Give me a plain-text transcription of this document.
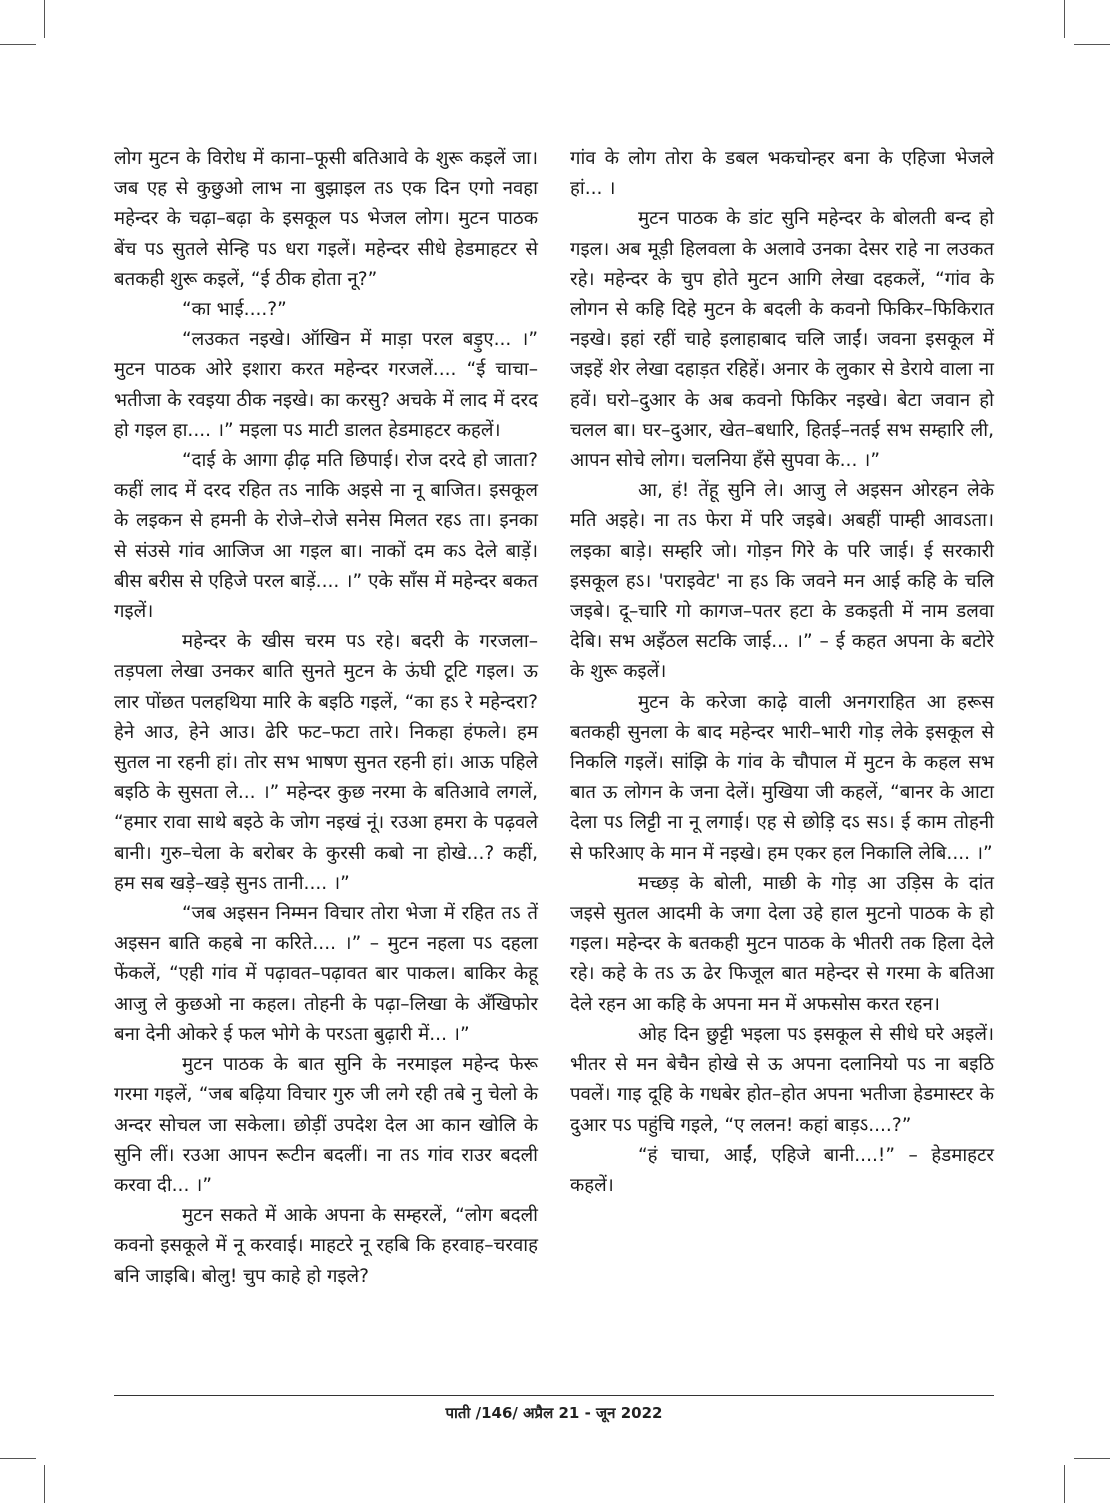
लोग मुटन के विरोध में काना–फूसी बतिआवे के शुरू कइलें जा। जब एह से कुछुओ लाभ ना बुझाइल तऽ एक दिन एगो नवहा महेन्दर के चढ़ा–बढ़ा के इसकूल पऽ भेजल लोग। मुटन पाठक बेंच पऽ सुतले सेन्हि पऽ धरा गइलें। महेन्दर सीधे हेडमाहटर से बतकही शुरू कइलें, “ई ठीक होता नू?”

“का भाई....?”

“लउकत नइखे। ऑखिन में माड़ा परल बड़ुए... ।” मुटन पाठक ओरे इशारा करत महेन्दर गरजलें.... “ई चाचा–भतीजा के रवइया ठीक नइखे। का करसु? अचके में लाद में दरद हो गइल हा.... ।” मइला पऽ माटी डालत हेडमाहटर कहलें।

“दाई के आगा ढ़ीढ़ मति छिपाई। रोज दरदे हो जाता? कहीं लाद में दरद रहित तऽ नाकि अइसे ना नू बाजित। इसकूल के लइकन से हमनी के रोजे–रोजे सनेस मिलत रहऽ ता। इनका से संउसे गांव आजिज आ गइल बा। नाकों दम कऽ देले बाड़ें। बीस बरीस से एहिजे परल बाड़ें.... ।” एके साँस में महेन्दर बकत गइलें।

महेन्दर के खीस चरम पऽ रहे। बदरी के गरजला–तड़पला लेखा उनकर बाति सुनते मुटन के ऊंघी टूटि गइल। ऊ लार पोंछत पलहथिया मारि के बइठि गइलें, “का हऽ रे महेन्दरा? हेने आउ, हेने आउ। ढेरि फट–फटा तारे। निकहा हंफले। हम सुतल ना रहनी हां। तोर सभ भाषण सुनत रहनी हां। आऊ पहिले बइठि के सुसता ले... ।” महेन्दर कुछ नरमा के बतिआवे लगलें, “हमार रावा साथे बइठे के जोग नइखं नूं। रउआ हमरा के पढ़वले बानी। गुरु–चेला के बरोबर के कुरसी कबो ना होखे...? कहीं, हम सब खड़े–खड़े सुनऽ तानी.... ।”

“जब अइसन निम्मन विचार तोरा भेजा में रहित तऽ तें अइसन बाति कहबे ना करिते.... ।” – मुटन नहला पऽ दहला फेंकलें, “एही गांव में पढ़ावत–पढ़ावत बार पाकल। बाकिर केहू आजु ले कुछओ ना कहल। तोहनी के पढ़ा–लिखा के अँखिफोर बना देनी ओकरे ई फल भोगे के परऽता बुढ़ारी में... ।”

मुटन पाठक के बात सुनि के नरमाइल महेन्द फेरू गरमा गइलें, “जब बढ़िया विचार गुरु जी लगे रही तबे नु चेलो के अन्दर सोचल जा सकेला। छोड़ीं उपदेश देल आ कान खोलि के सुनि लीं। रउआ आपन रूटीन बदलीं। ना तऽ गांव राउर बदली करवा दी... ।”

मुटन सकते में आके अपना के सम्हरलें, “लोग बदली कवनो इसकूले में नू करवाई। माहटरे नू रहबि कि हरवाह–चरवाह बनि जाइबि। बोलु! चुप काहे हो गइले?

गांव के लोग तोरा के डबल भकचोन्हर बना के एहिजा भेजले हां... ।

मुटन पाठक के डांट सुनि महेन्दर के बोलती बन्द हो गइल। अब मूड़ी हिलवला के अलावे उनका देसर राहे ना लउकत रहे। महेन्दर के चुप होते मुटन आगि लेखा दहकलें, “गांव के लोगन से कहि दिहे मुटन के बदली के कवनो फिकिर–फिकिरात नइखे। इहां रहीं चाहे इलाहाबाद चलि जाईं। जवना इसकूल में जइहें शेर लेखा दहाड़त रहिहें। अनार के लुकार से डेराये वाला ना हवें। घरो–दुआर के अब कवनो फिकिर नइखे। बेटा जवान हो चलल बा। घर–दुआर, खेत–बधारि, हितई–नतई सभ सम्हारि ली, आपन सोचे लोग। चलनिया हँसे सुपवा के... ।”

आ, हं! तेंहू सुनि ले। आजु ले अइसन ओरहन लेके मति अइहे। ना तऽ फेरा में परि जइबे। अबहीं पाम्ही आवऽता। लइका बाड़े। सम्हरि जो। गोड़न गिरे के परि जाई। ई सरकारी इसकूल हऽ। 'पराइवेट' ना हऽ कि जवने मन आई कहि के चलि जइबे। दू–चारि गो कागज–पतर हटा के डकइती में नाम डलवा देबि। सभ अइँठल सटकि जाई... ।” – ई कहत अपना के बटोरे के शुरू कइलें।

मुटन के करेजा काढ़े वाली अनगराहित आ हरूस बतकही सुनला के बाद महेन्दर भारी–भारी गोड़ लेके इसकूल से निकलि गइलें। सांझि के गांव के चौपाल में मुटन के कहल सभ बात ऊ लोगन के जना देलें। मुखिया जी कहलें, “बानर के आटा देला पऽ लिट्टी ना नू लगाई। एह से छोड़ि दऽ सऽ। ई काम तोहनी से फरिआए के मान में नइखे। हम एकर हल निकालि लेबि.... ।”

मच्छड़ के बोली, माछी के गोड़ आ उड़िस के दांत जइसे सुतल आदमी के जगा देला उहे हाल मुटनो पाठक के हो गइल। महेन्दर के बतकही मुटन पाठक के भीतरी तक हिला देले रहे। कहे के तऽ ऊ ढेर फिजूल बात महेन्दर से गरमा के बतिआ देले रहन आ कहि के अपना मन में अफसोस करत रहन।

ओह दिन छुट्टी भइला पऽ इसकूल से सीधे घरे अइलें। भीतर से मन बेचैन होखे से ऊ अपना दलानियो पऽ ना बइठि पवलें। गाइ दूहि के गधबेर होत–होत अपना भतीजा हेडमास्टर के दुआर पऽ पहुंचि गइले, “ए ललन! कहां बाड़ऽ....?”

“हं चाचा, आईं, एहिजे बानी....!” – हेडमाहटर कहलें।

पाती /146/ अप्रैल 21 - जून 2022
